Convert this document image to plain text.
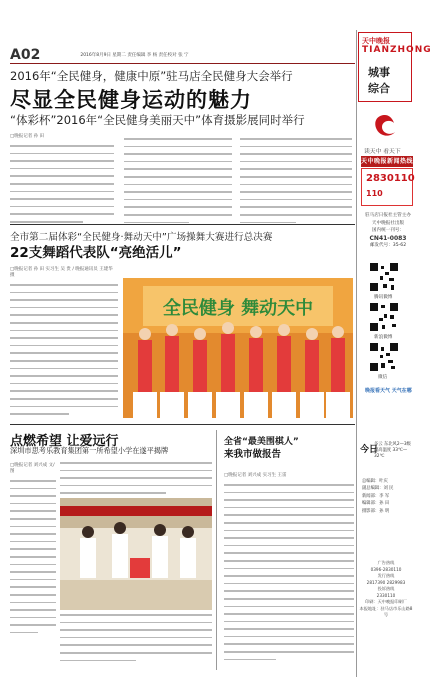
A02	2016年8月9日 星期二 责任编辑 李 杨 责任校对 张 宁
2016年“全民健身，健康中原”驻马店全民健身大会举行
尽显全民健身运动的魅力
“体彩杯”2016年“全民健身美丽天中”体育摄影展同时举行
□晚报记者 孙 田
全市第二届体彩“全民健身·舞动天中”广场操舞大赛进行总决赛
22支舞蹈代表队“亮绝活儿”
□晚报记者 孙 田 实习生 吴 贵 / 晚报通讯员 王建华 摄
全民健身 舞动天中
点燃希望 让爱远行
深圳市思考乐教育集团第一所希望小学在遂平揭牌
□晚报记者 刘兴成 文/图
全省“最美围棋人”
来我市做报告
□晚报记者 刘兴成 实习生 王雷
天中晚报
TIANZHONG
城事
综合
读天中 看天下
天中晚报新闻热线
2830110
110
驻马店日报社主管主办
天中晚报社出版
国内统一刊号：
CN41-0083
邮发代号：35-62
腾讯微博
新浪微博
微信
晚报看天气 天气在哪
今日
多云 东北风2—3级
最高温度 33℃—32℃
总编辑：叶庆
副总编辑：刘 民
新闻部：李 军
编辑部：孙 田
摄影部：孙 明
广告热线
0396-2830110
发行热线
2817390 2829983
投诉热线
2330110
印刷：天中晚报印刷厂
本报地址：驻马店市乐山路8号
